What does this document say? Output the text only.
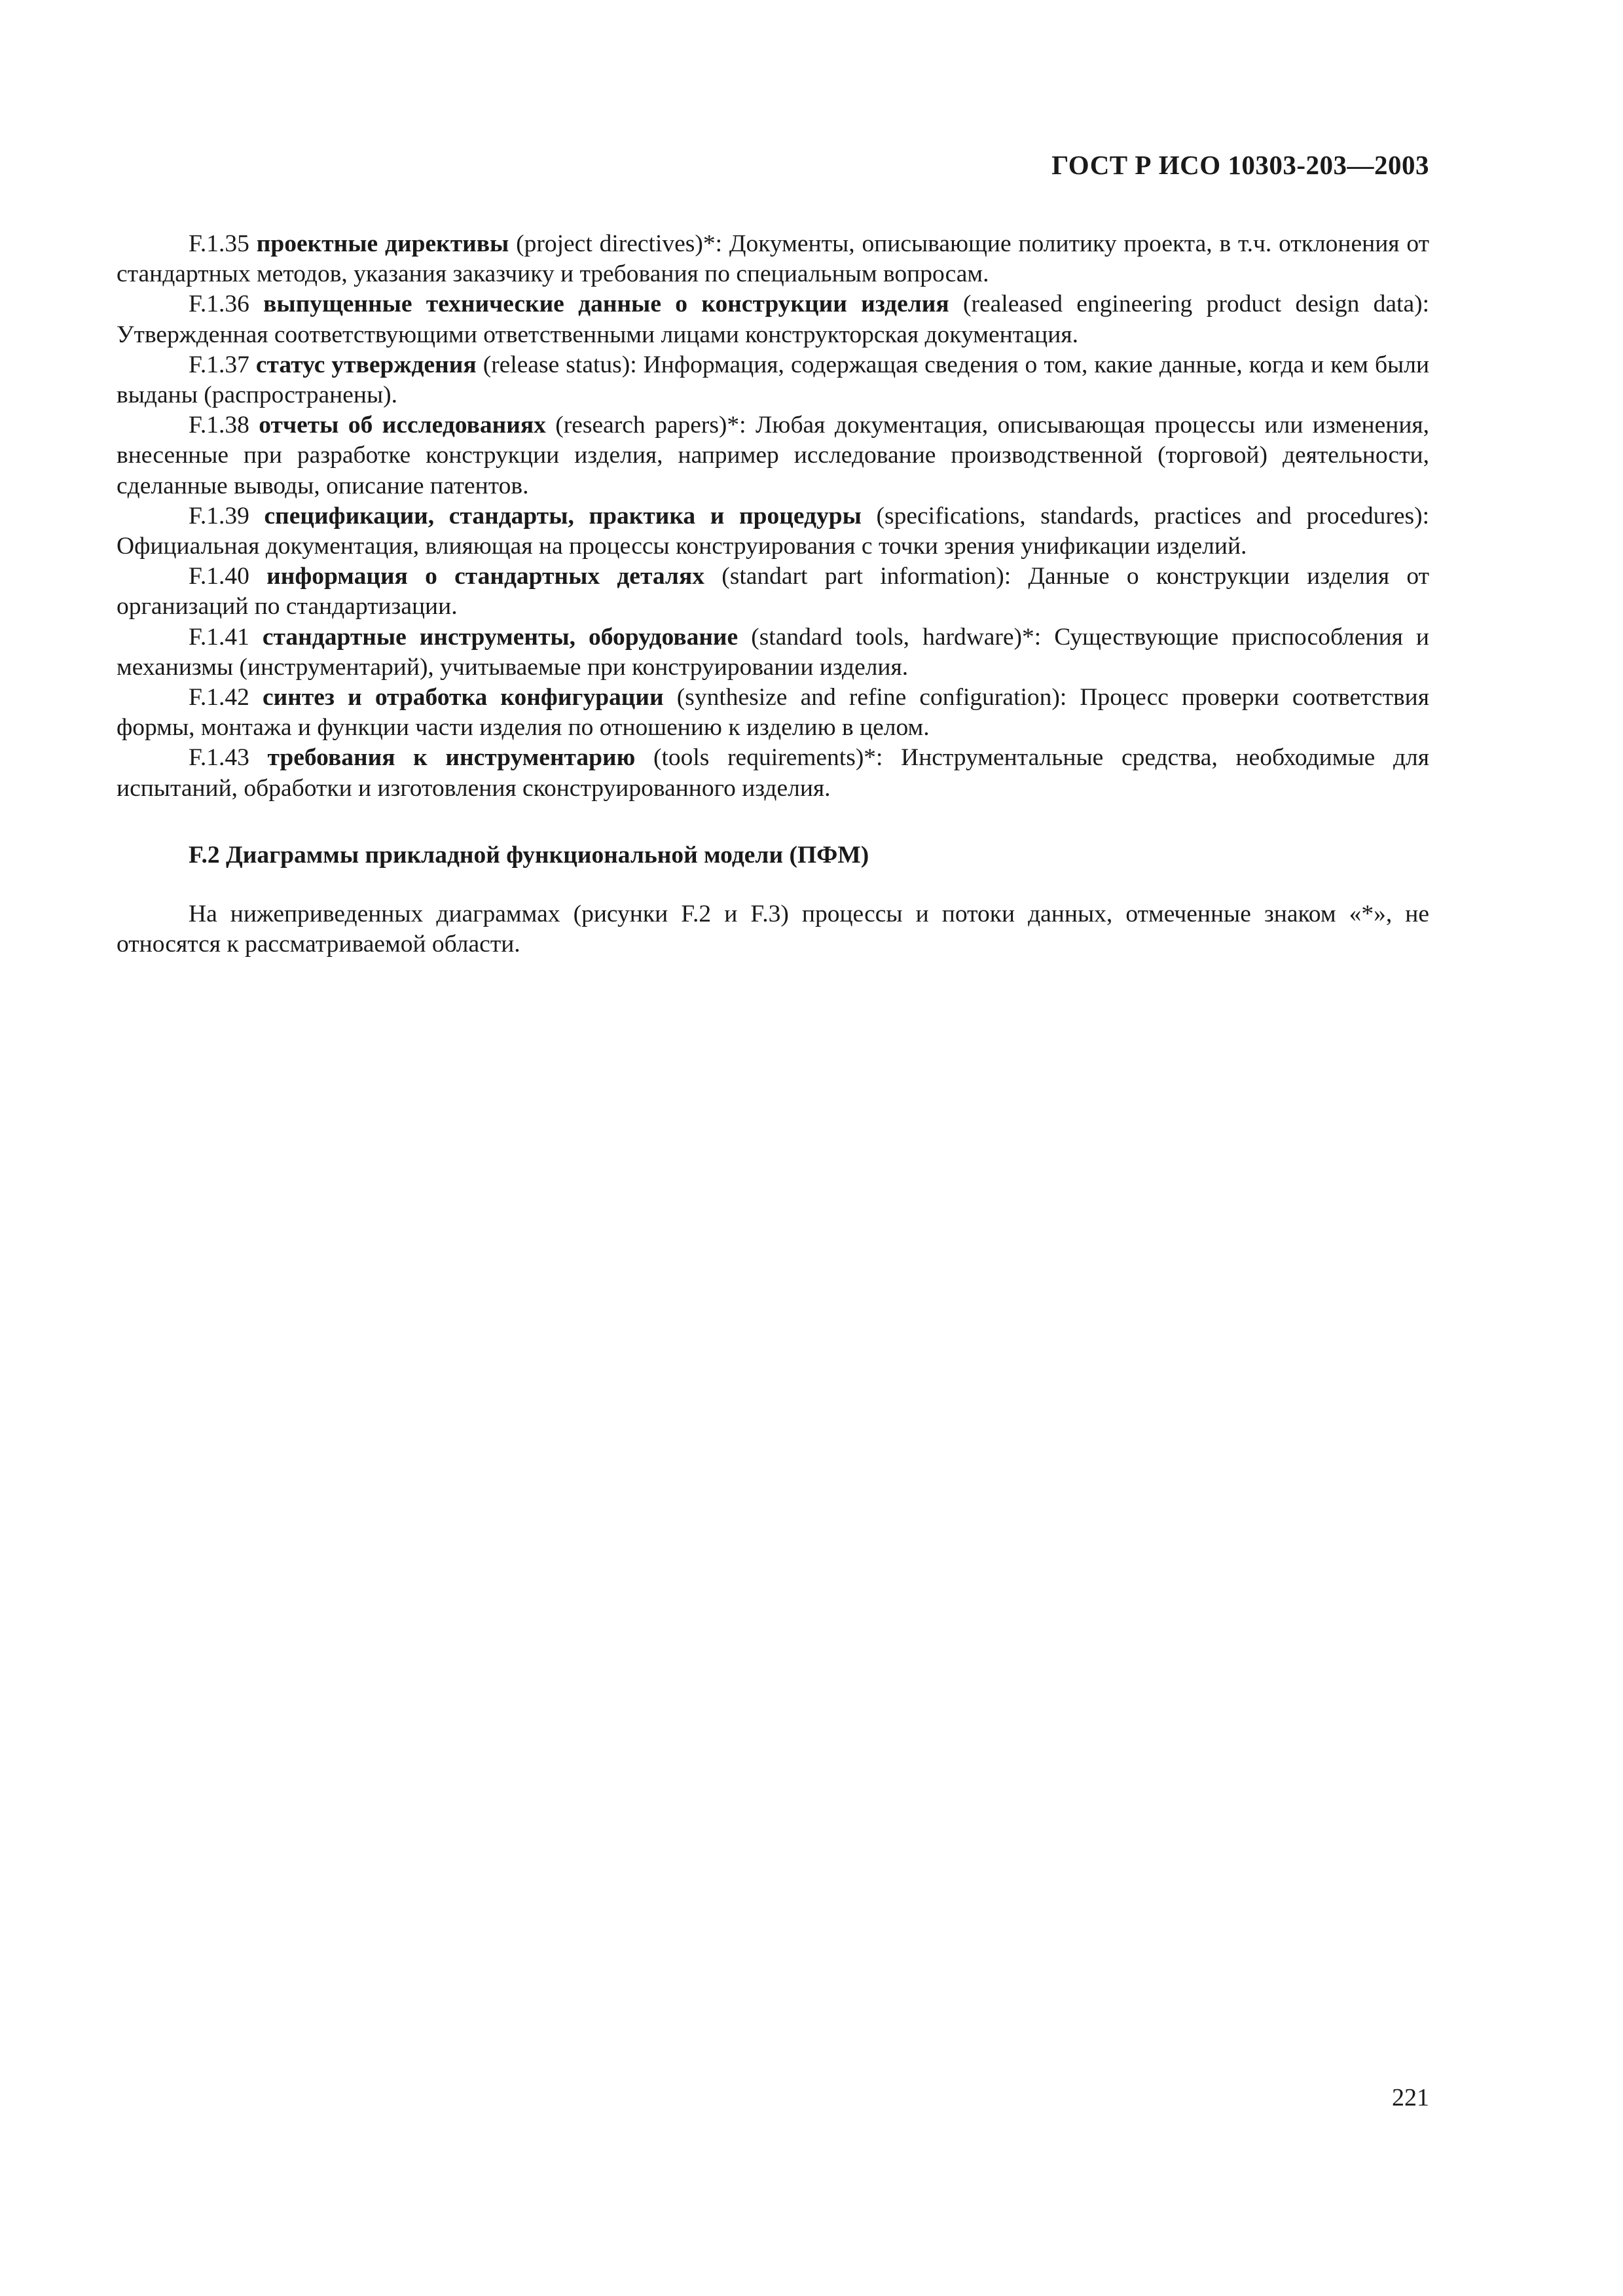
ГОСТ Р ИСО 10303-203—2003

F.1.35 проектные директивы (project directives)*: Документы, описывающие политику проекта, в т.ч. отклонения от стандартных методов, указания заказчику и требования по специальным вопросам.

F.1.36 выпущенные технические данные о конструкции изделия (realeased engineering product design data): Утвержденная соответствующими ответственными лицами конструкторская документация.

F.1.37 статус утверждения (release status): Информация, содержащая сведения о том, какие данные, когда и кем были выданы (распространены).

F.1.38 отчеты об исследованиях (research papers)*: Любая документация, описывающая процессы или изменения, внесенные при разработке конструкции изделия, например исследование производственной (торговой) деятельности, сделанные выводы, описание патентов.

F.1.39 спецификации, стандарты, практика и процедуры (specifications, standards, practices and procedures): Официальная документация, влияющая на процессы конструирования с точки зрения унификации изделий.

F.1.40 информация о стандартных деталях (standart part information): Данные о конструкции изделия от организаций по стандартизации.

F.1.41 стандартные инструменты, оборудование (standard tools, hardware)*: Существующие приспособления и механизмы (инструментарий), учитываемые при конструировании изделия.

F.1.42 синтез и отработка конфигурации (synthesize and refine configuration): Процесс проверки соответствия формы, монтажа и функции части изделия по отношению к изделию в целом.

F.1.43 требования к инструментарию (tools requirements)*: Инструментальные средства, необходимые для испытаний, обработки и изготовления сконструированного изделия.

F.2 Диаграммы прикладной функциональной модели (ПФМ)

На нижеприведенных диаграммах (рисунки F.2 и F.3) процессы и потоки данных, отмеченные знаком «*», не относятся к рассматриваемой области.

221
